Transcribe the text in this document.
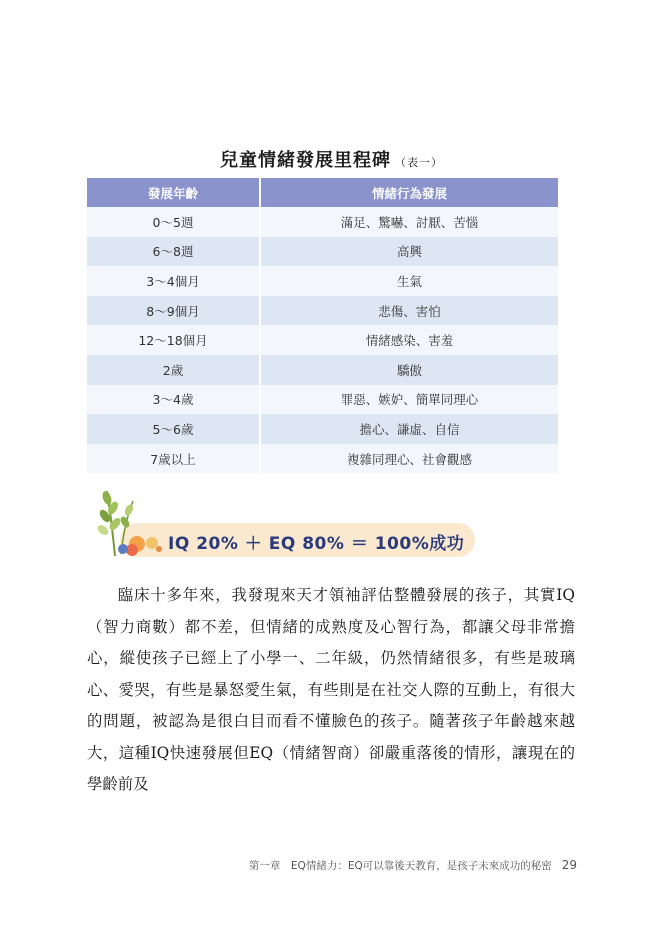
兒童情緒發展里程碑 （表一）
發展年齡	情緒行為發展
0～5週	滿足、驚嚇、討厭、苦惱
6～8週	高興
3～4個月	生氣
8～9個月	悲傷、害怕
12～18個月	情緒感染、害羞
2歲	驕傲
3～4歲	罪惡、嫉妒、簡單同理心
5～6歲	擔心、謙虛、自信
7歲以上	複雜同理心、社會觀感
IQ 20% ＋ EQ 80% ＝ 100%成功

臨床十多年來，我發現來天才領袖評估整體發展的孩子，其實IQ（智力商數）都不差，但情緒的成熟度及心智行為，都讓父母非常擔心，縱使孩子已經上了小學一、二年級，仍然情緒很多，有些是玻璃心、愛哭，有些是暴怒愛生氣，有些則是在社交人際的互動上，有很大的問題，被認為是很白目而看不懂臉色的孩子。隨著孩子年齡越來越大，這種IQ快速發展但EQ（情緒智商）卻嚴重落後的情形，讓現在的學齡前及

第一章　EQ情緒力：EQ可以靠後天教育，是孩子未來成功的秘密 29
